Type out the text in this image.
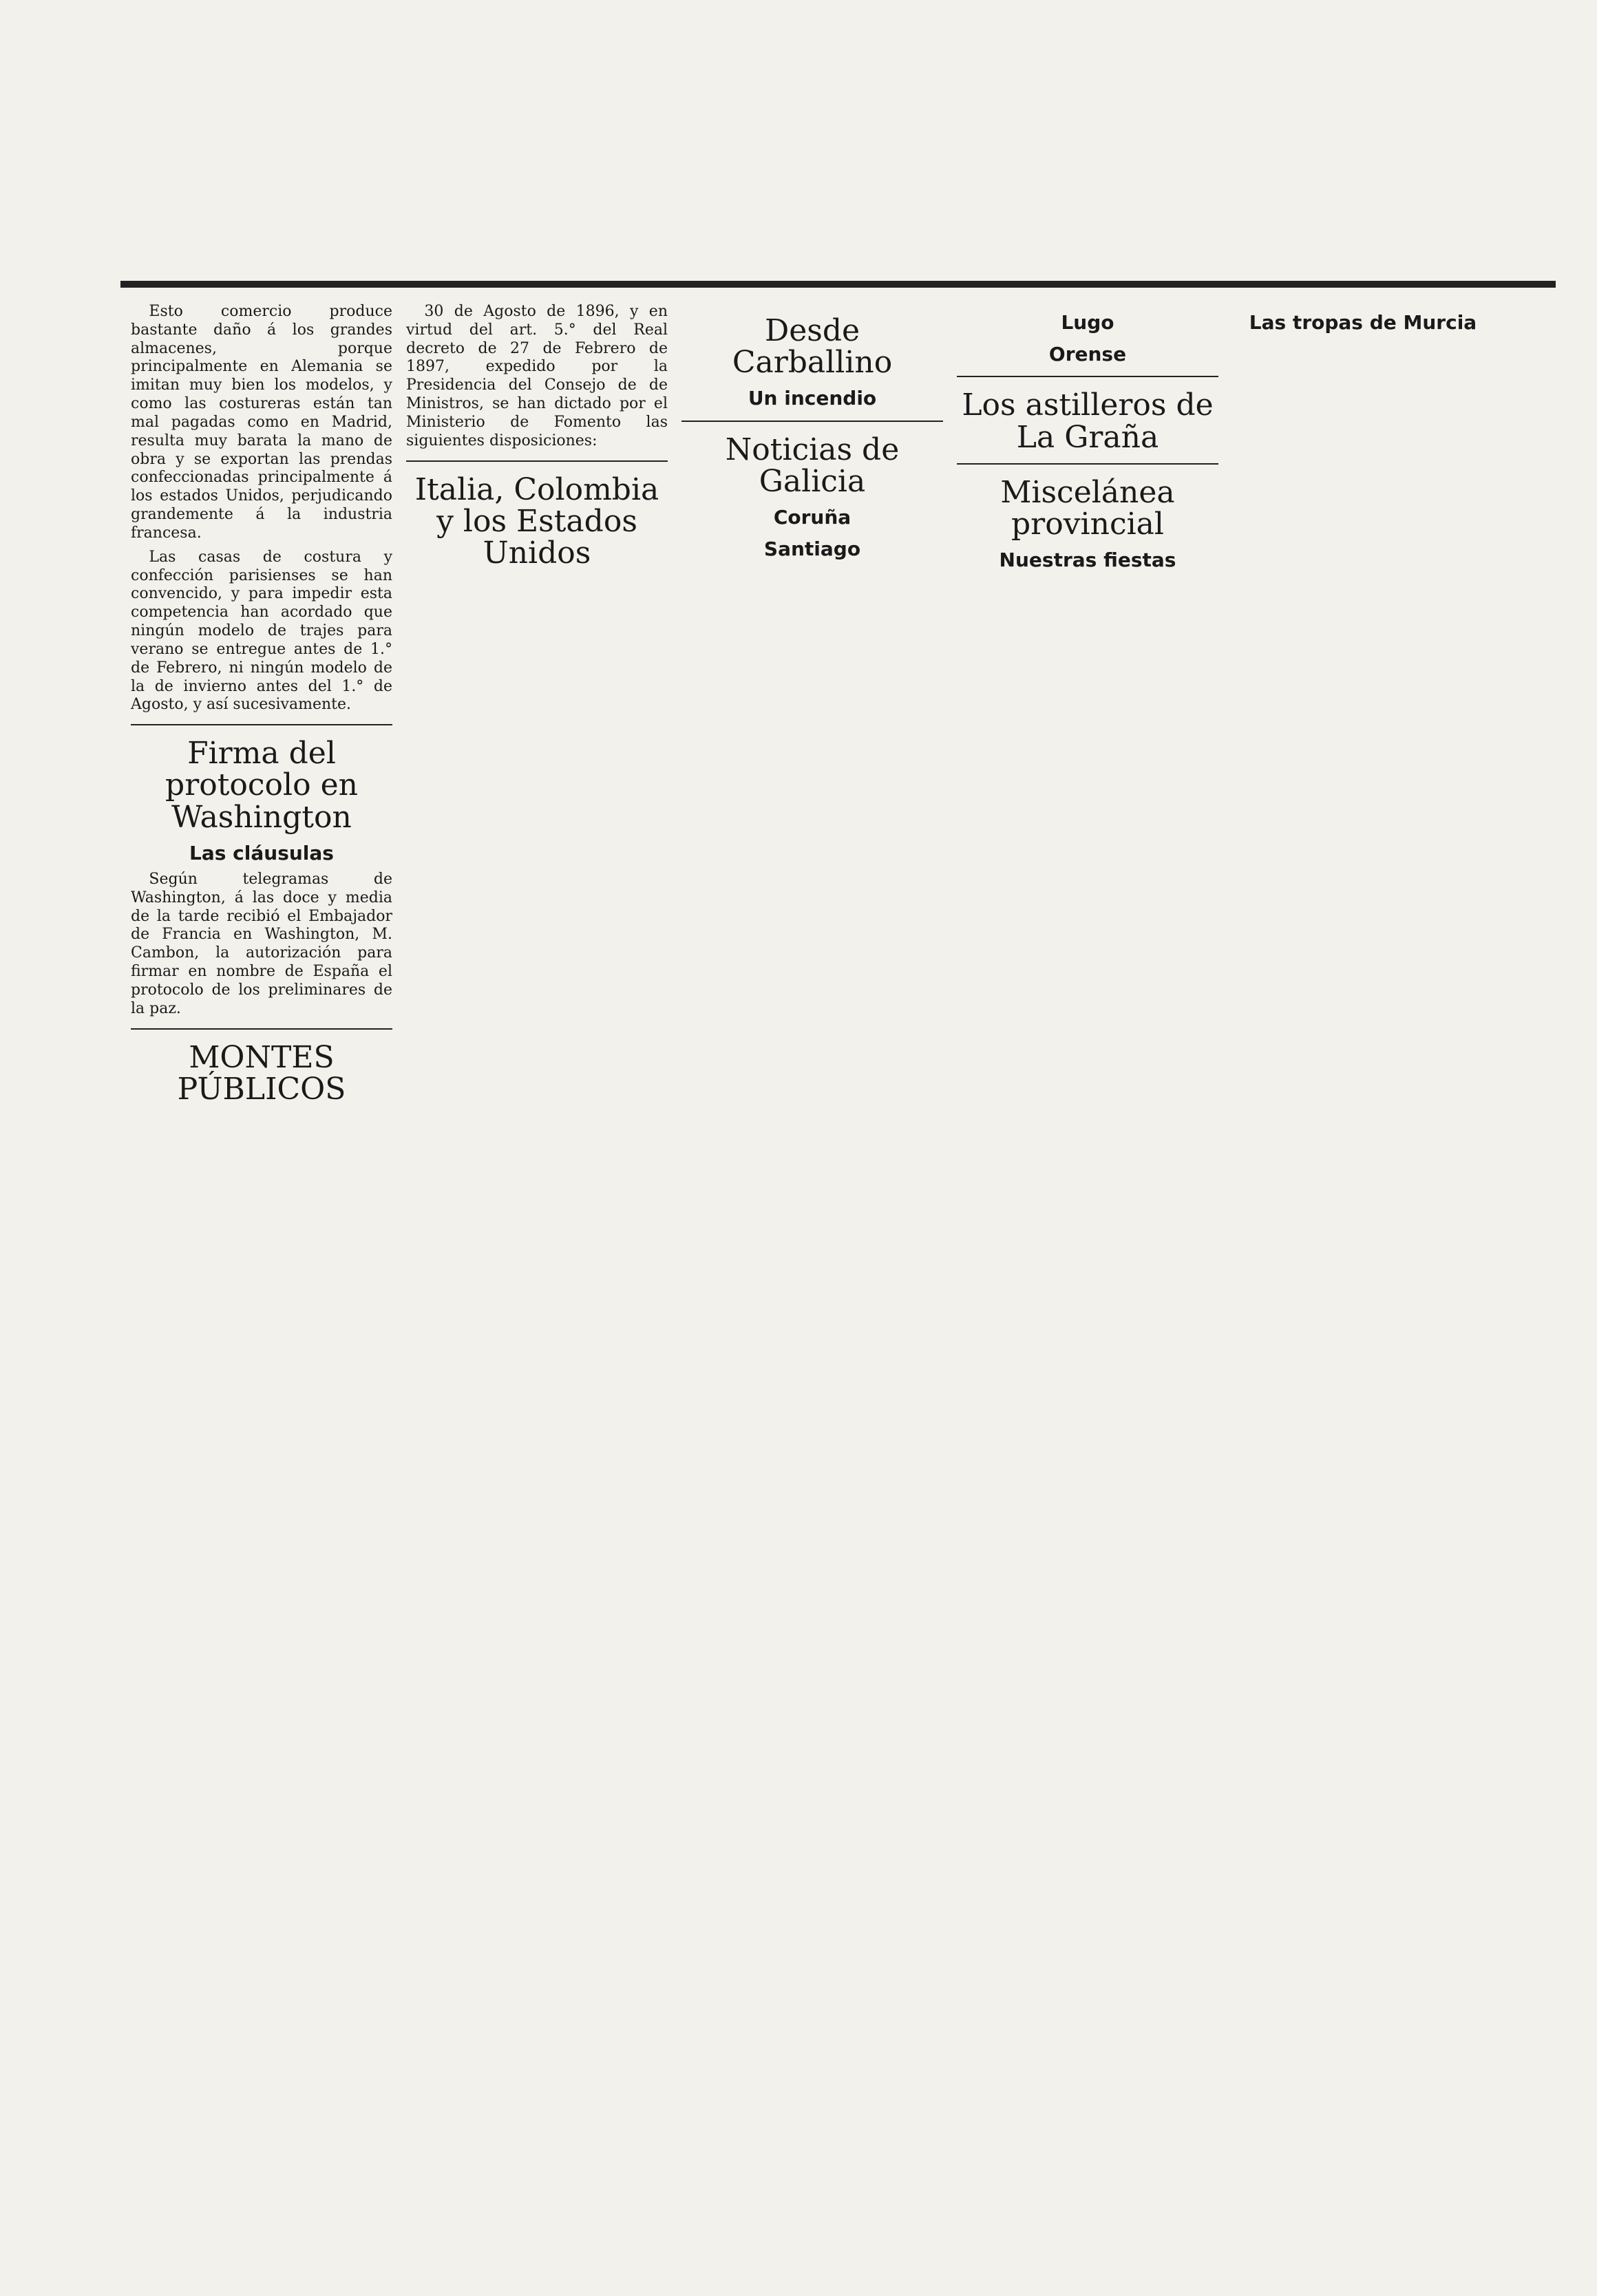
Esto comercio produce bastante daño á los grandes almacenes, porque principalmente en Alemania se imitan muy bien los modelos, y como las costureras están tan mal pagadas como en Madrid, resulta muy barata la mano de obra y se exportan las prendas confeccionadas principalmente á los estados Unidos, perjudicando grandemente á la industria francesa.

Las casas de costura y confección parisienses se han convencido, y para impedir esta competencia han acordado que ningún modelo de trajes para verano se entregue antes de 1.° de Febrero, ni ningún modelo de la de invierno antes del 1.° de Agosto, y así sucesivamente.

Firma del protocolo en Washington
Las cláusulas

Según telegramas de Washington, á las doce y media de la tarde recibió el Embajador de Francia en Washington, M. Cambon, la autorización para firmar en nombre de España el protocolo de los preliminares de la paz.

MONTES PÚBLICOS

30 de Agosto de 1896, y en virtud del art. 5.° del Real decreto de 27 de Febrero de 1897, expedido por la Presidencia del Consejo de de Ministros, se han dictado por el Ministerio de Fomento las siguientes disposiciones:

Italia, Colombia y los Estados Unidos
Desde Carballino
Un incendio
Noticias de Galicia
Coruña
Santiago
Lugo
Orense
Los astilleros de La Graña
Miscelánea provincial
Nuestras fiestas
Las tropas de Murcia
